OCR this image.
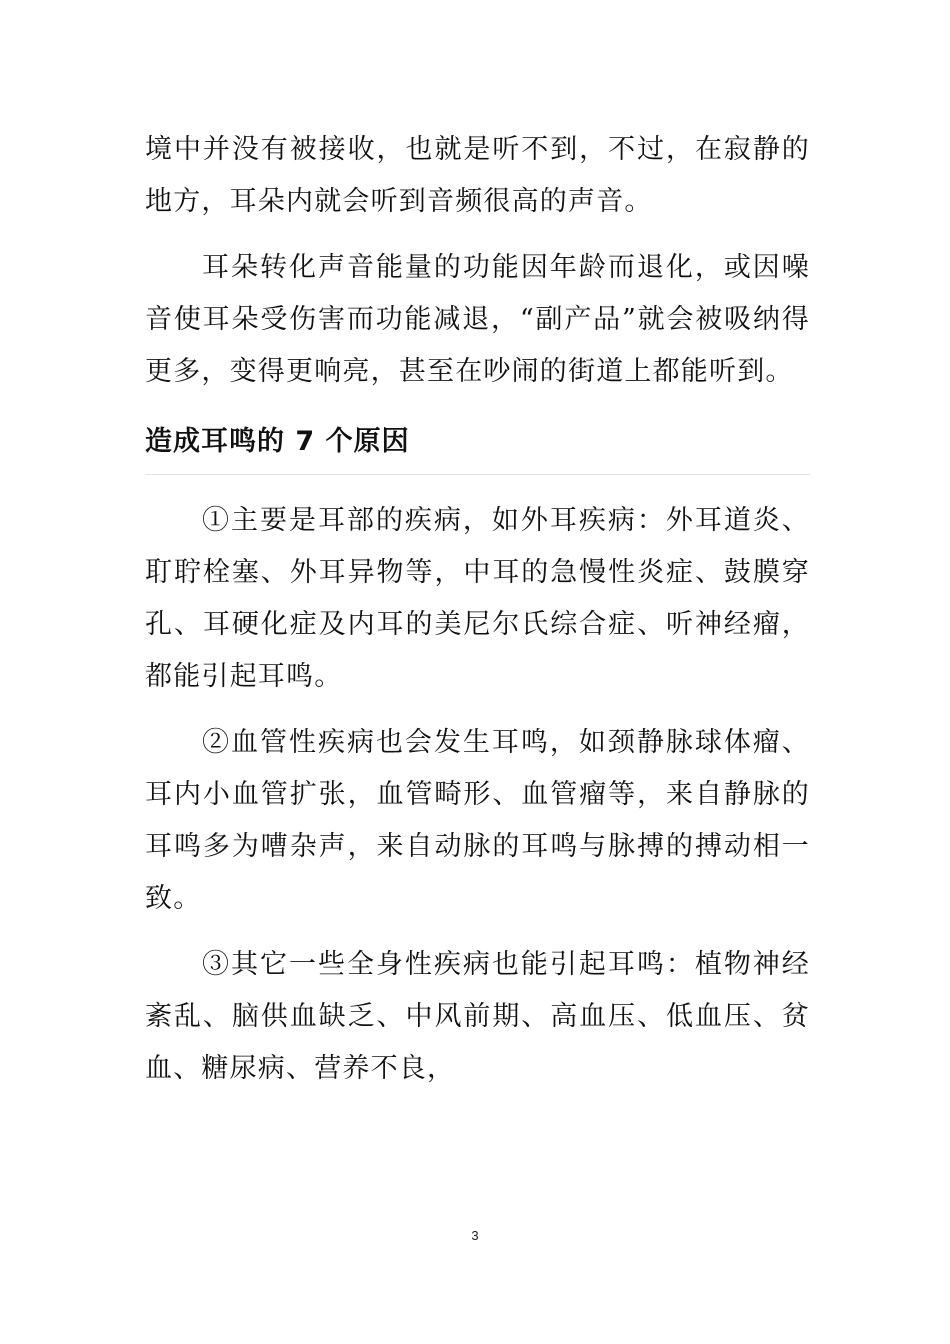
境中并没有被接收，也就是听不到，不过，在寂静的地方，耳朵内就会听到音频很高的声音。

耳朵转化声音能量的功能因年龄而退化，或因噪音使耳朵受伤害而功能减退，“副产品”就会被吸纳得更多，变得更响亮，甚至在吵闹的街道上都能听到。

造成耳鸣的 7 个原因

①主要是耳部的疾病，如外耳疾病：外耳道炎、耵聍栓塞、外耳异物等，中耳的急慢性炎症、鼓膜穿孔、耳硬化症及内耳的美尼尔氏综合症、听神经瘤，都能引起耳鸣。

②血管性疾病也会发生耳鸣，如颈静脉球体瘤、耳内小血管扩张，血管畸形、血管瘤等，来自静脉的耳鸣多为嘈杂声，来自动脉的耳鸣与脉搏的搏动相一致。

③其它一些全身性疾病也能引起耳鸣：植物神经紊乱、脑供血缺乏、中风前期、高血压、低血压、贫血、糖尿病、营养不良，

3
